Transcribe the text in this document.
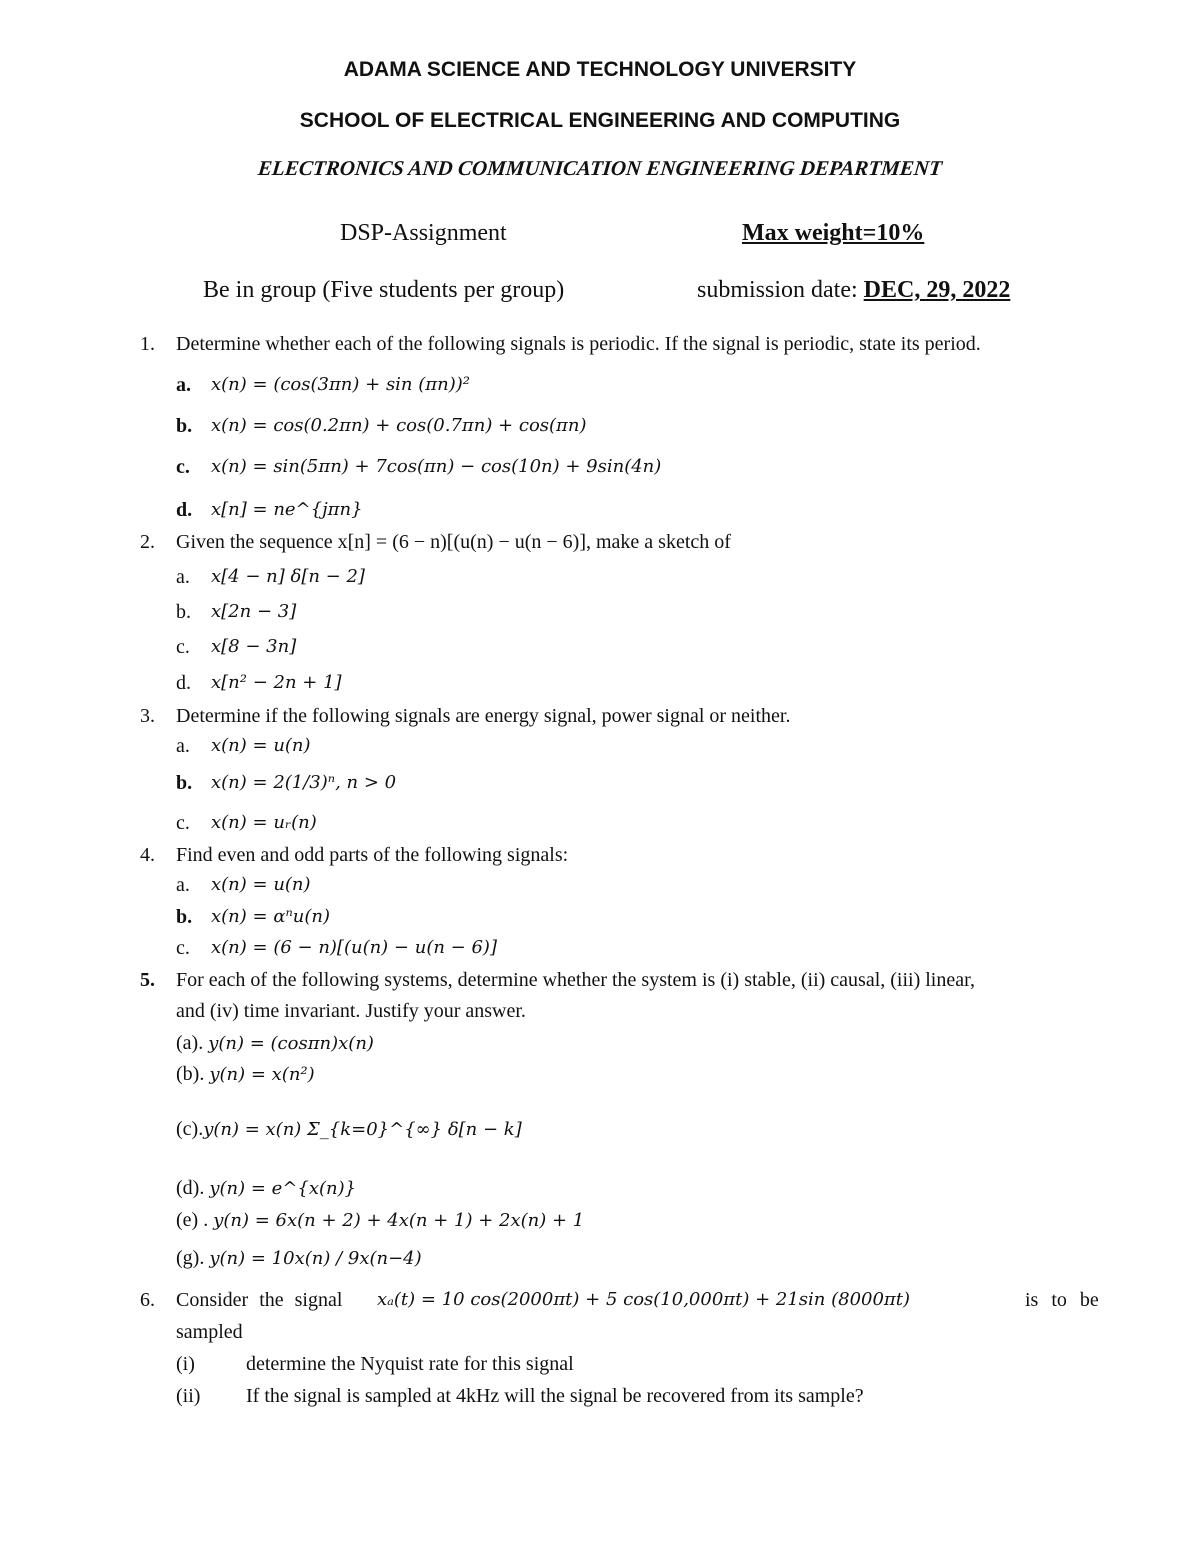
ADAMA SCIENCE AND TECHNOLOGY UNIVERSITY
SCHOOL OF ELECTRICAL ENGINEERING AND COMPUTING
ELECTRONICS AND COMMUNICATION ENGINEERING DEPARTMENT
DSP-Assignment	Max weight=10%
Be in group (Five students per group)	submission date: DEC, 29, 2022
1. Determine whether each of the following signals is periodic. If the signal is periodic, state its period.
a. x(n) = (cos(3πn) + sin (πn))²
b. x(n) = cos(0.2πn) + cos(0.7πn) + cos(πn)
c. x(n) = sin(5πn) + 7cos(πn) − cos(10n) + 9sin(4n)
d. x[n] = ne^{jπn}
2. Given the sequence x[n] = (6 − n)[(u(n) − u(n − 6)], make a sketch of
a. x[4 − n] δ[n − 2]
b. x[2n − 3]
c. x[8 − 3n]
d. x[n² − 2n + 1]
3. Determine if the following signals are energy signal, power signal or neither.
a. x(n) = u(n)
b. x(n) = 2(1/3)ⁿ, n > 0
c. x(n) = uᵣ(n)
4. Find even and odd parts of the following signals:
a. x(n) = u(n)
b. x(n) = αⁿu(n)
c. x(n) = (6 − n)[(u(n) − u(n − 6)]
5. For each of the following systems, determine whether the system is (i) stable, (ii) causal, (iii) linear,
and (iv) time invariant. Justify your answer.
(a). y(n) = (cosπn)x(n)
(b). y(n) = x(n²)
(c).y(n) = x(n) Σ_{k=0}^{∞} δ[n − k]
(d). y(n) = e^{x(n)}
(e) . y(n) = 6x(n + 2) + 4x(n + 1) + 2x(n) + 1
(g). y(n) = 10x(n) / 9x(n−4)
6. Consider the signal xₐ(t) = 10 cos(2000πt) + 5 cos(10,000πt) + 21sin (8000πt)	is to be
sampled
(i)	determine the Nyquist rate for this signal
(ii) If the signal is sampled at 4kHz will the signal be recovered from its sample?
